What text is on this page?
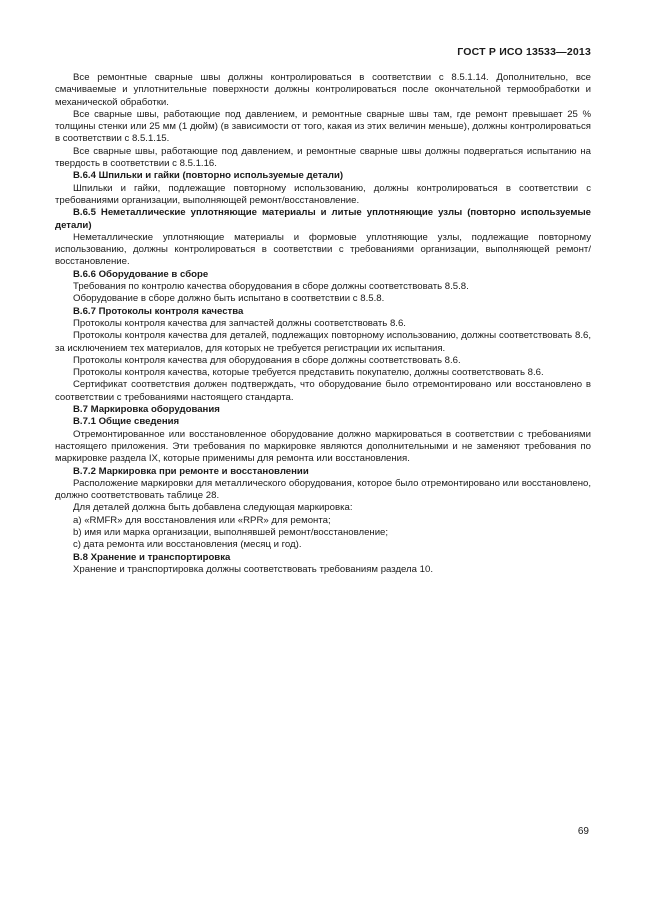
ГОСТ Р ИСО 13533—2013

Все ремонтные сварные швы должны контролироваться в соответствии с 8.5.1.14. Дополнительно, все смачиваемые и уплотнительные поверхности должны контролироваться после окончательной термообработки и механической обработки.

Все сварные швы, работающие под давлением, и ремонтные сварные швы там, где ремонт превышает 25 % толщины стенки или 25 мм (1 дюйм) (в зависимости от того, какая из этих величин меньше), должны контролироваться в соответствии с 8.5.1.15.

Все сварные швы, работающие под давлением, и ремонтные сварные швы должны подвергаться испытанию на твердость в соответствии с 8.5.1.16.

В.6.4 Шпильки и гайки (повторно используемые детали)

Шпильки и гайки, подлежащие повторному использованию, должны контролироваться в соответствии с требованиями организации, выполняющей ремонт/восстановление.

В.6.5 Неметаллические уплотняющие материалы и литые уплотняющие узлы (повторно используемые детали)

Неметаллические уплотняющие материалы и формовые уплотняющие узлы, подлежащие повторному использованию, должны контролироваться в соответствии с требованиями организации, выполняющей ремонт/восстановление.

В.6.6 Оборудование в сборе

Требования по контролю качества оборудования в сборе должны соответствовать 8.5.8.

Оборудование в сборе должно быть испытано в соответствии с 8.5.8.

В.6.7 Протоколы контроля качества

Протоколы контроля качества для запчастей должны соответствовать 8.6.

Протоколы контроля качества для деталей, подлежащих повторному использованию, должны соответствовать 8.6, за исключением тех материалов, для которых не требуется регистрации их испытания.

Протоколы контроля качества для оборудования в сборе должны соответствовать 8.6.

Протоколы контроля качества, которые требуется представить покупателю, должны соответствовать 8.6.

Сертификат соответствия должен подтверждать, что оборудование было отремонтировано или восстановлено в соответствии с требованиями настоящего стандарта.

В.7 Маркировка оборудования

В.7.1 Общие сведения

Отремонтированное или восстановленное оборудование должно маркироваться в соответствии с требованиями настоящего приложения. Эти требования по маркировке являются дополнительными и не заменяют требования по маркировке раздела IX, которые применимы для ремонта или восстановления.

В.7.2 Маркировка при ремонте и восстановлении

Расположение маркировки для металлического оборудования, которое было отремонтировано или восстановлено, должно соответствовать таблице 28.

Для деталей должна быть добавлена следующая маркировка:

a) «RMFR» для восстановления или «RPR» для ремонта;

b) имя или марка организации, выполнявшей ремонт/восстановление;

c) дата ремонта или восстановления (месяц и год).

В.8 Хранение и транспортировка

Хранение и транспортировка должны соответствовать требованиям раздела 10.

69
